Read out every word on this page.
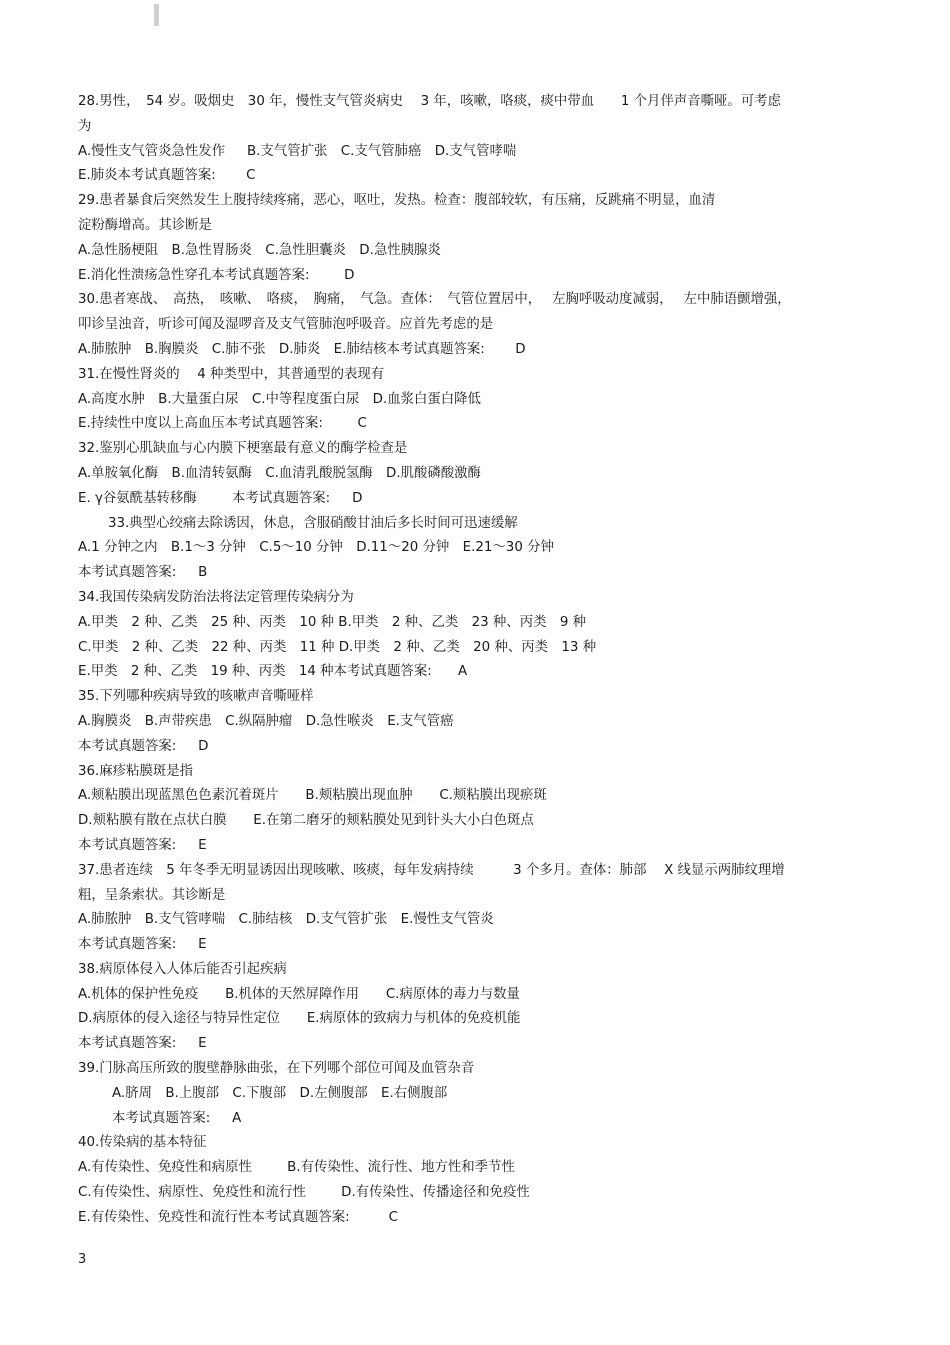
28.男性，　54 岁。吸烟史　30 年，慢性支气管炎病史　 3 年，咳嗽，咯痰，痰中带血　　1 个月伴声音嘶哑。可考虑

为

A.慢性支气管炎急性发作　  B.支气管扩张　C.支气管肺癌　D.支气管哮喘

E.肺炎本考试真题答案:　    C

29.患者暴食后突然发生上腹持续疼痛，恶心，呕吐，发热。检查：腹部较软，有压痛，反跳痛不明显，血清

淀粉酶增高。其诊断是

A.急性肠梗阻　B.急性胃肠炎　C.急性胆囊炎　D.急性胰腺炎

E.消化性溃疡急性穿孔本考试真题答案:　     D

30.患者寒战、　高热，　咳嗽、　咯痰，　胸痛，　气急。查体：　气管位置居中，　 左胸呼吸动度减弱，　 左中肺语颤增强，

叩诊呈浊音，听诊可闻及湿啰音及支气管肺泡呼吸音。应首先考虑的是

A.肺脓肿　B.胸膜炎　C.肺不张　D.肺炎　E.肺结核本考试真题答案:　    D

31.在慢性肾炎的　 4 种类型中，其普通型的表现有

A.高度水肿　B.大量蛋白尿　C.中等程度蛋白尿　D.血浆白蛋白降低

E.持续性中度以上高血压本考试真题答案:　     C

32.鉴别心肌缺血与心内膜下梗塞最有意义的酶学检查是

A.单胺氧化酶　B.血清转氨酶　C.血清乳酸脱氢酶　D.肌酸磷酸激酶

E. γ谷氨酰基转移酶　　  本考试真题答案:　  D

33.典型心绞痛去除诱因，休息，含服硝酸甘油后多长时间可迅速缓解

A.1 分钟之内　B.1～3 分钟　C.5～10 分钟　D.11～20 分钟　E.21～30 分钟

本考试真题答案:　  B

34.我国传染病发防治法将法定管理传染病分为

A.甲类　2 种、乙类　25 种、丙类　10 种 B.甲类　2 种、乙类　23 种、丙类　9 种

C.甲类　2 种、乙类　22 种、丙类　11 种 D.甲类　2 种、乙类　20 种、丙类　13 种

E.甲类　2 种、乙类　19 种、丙类　14 种本考试真题答案:　   A

35.下列哪种疾病导致的咳嗽声音嘶哑样

A.胸膜炎　B.声带疾患　C.纵隔肿瘤　D.急性喉炎　E.支气管癌

本考试真题答案:　  D

36.麻疹粘膜斑是指

A.颊粘膜出现蓝黑色色素沉着斑片　　B.颊粘膜出现血肿　　C.颊粘膜出现瘀斑

D.颊粘膜有散在点状白膜　　E.在第二磨牙的颊粘膜处见到针头大小白色斑点

本考试真题答案:　  E

37.患者连续　5 年冬季无明显诱因出现咳嗽、咳痰，每年发病持续　　   3 个多月。查体：肺部　 X 线显示两肺纹理增

粗，呈条索状。其诊断是

A.肺脓肿　B.支气管哮喘　C.肺结核　D.支气管扩张　E.慢性支气管炎

本考试真题答案:　  E

38.病原体侵入人体后能否引起疾病

A.机体的保护性免疫　　B.机体的天然屏障作用　　C.病原体的毒力与数量

D.病原体的侵入途径与特异性定位　　E.病原体的致病力与机体的免疫机能

本考试真题答案:　  E

39.门脉高压所致的腹壁静脉曲张，在下列哪个部位可闻及血管杂音

A.脐周　B.上腹部　C.下腹部　D.左侧腹部　E.右侧腹部

本考试真题答案:　  A

40.传染病的基本特征

A.有传染性、免疫性和病原性　　  B.有传染性、流行性、地方性和季节性

C.有传染性、病原性、免疫性和流行性　　  D.有传染性、传播途径和免疫性

E.有传染性、免疫性和流行性本考试真题答案:　      C

3
